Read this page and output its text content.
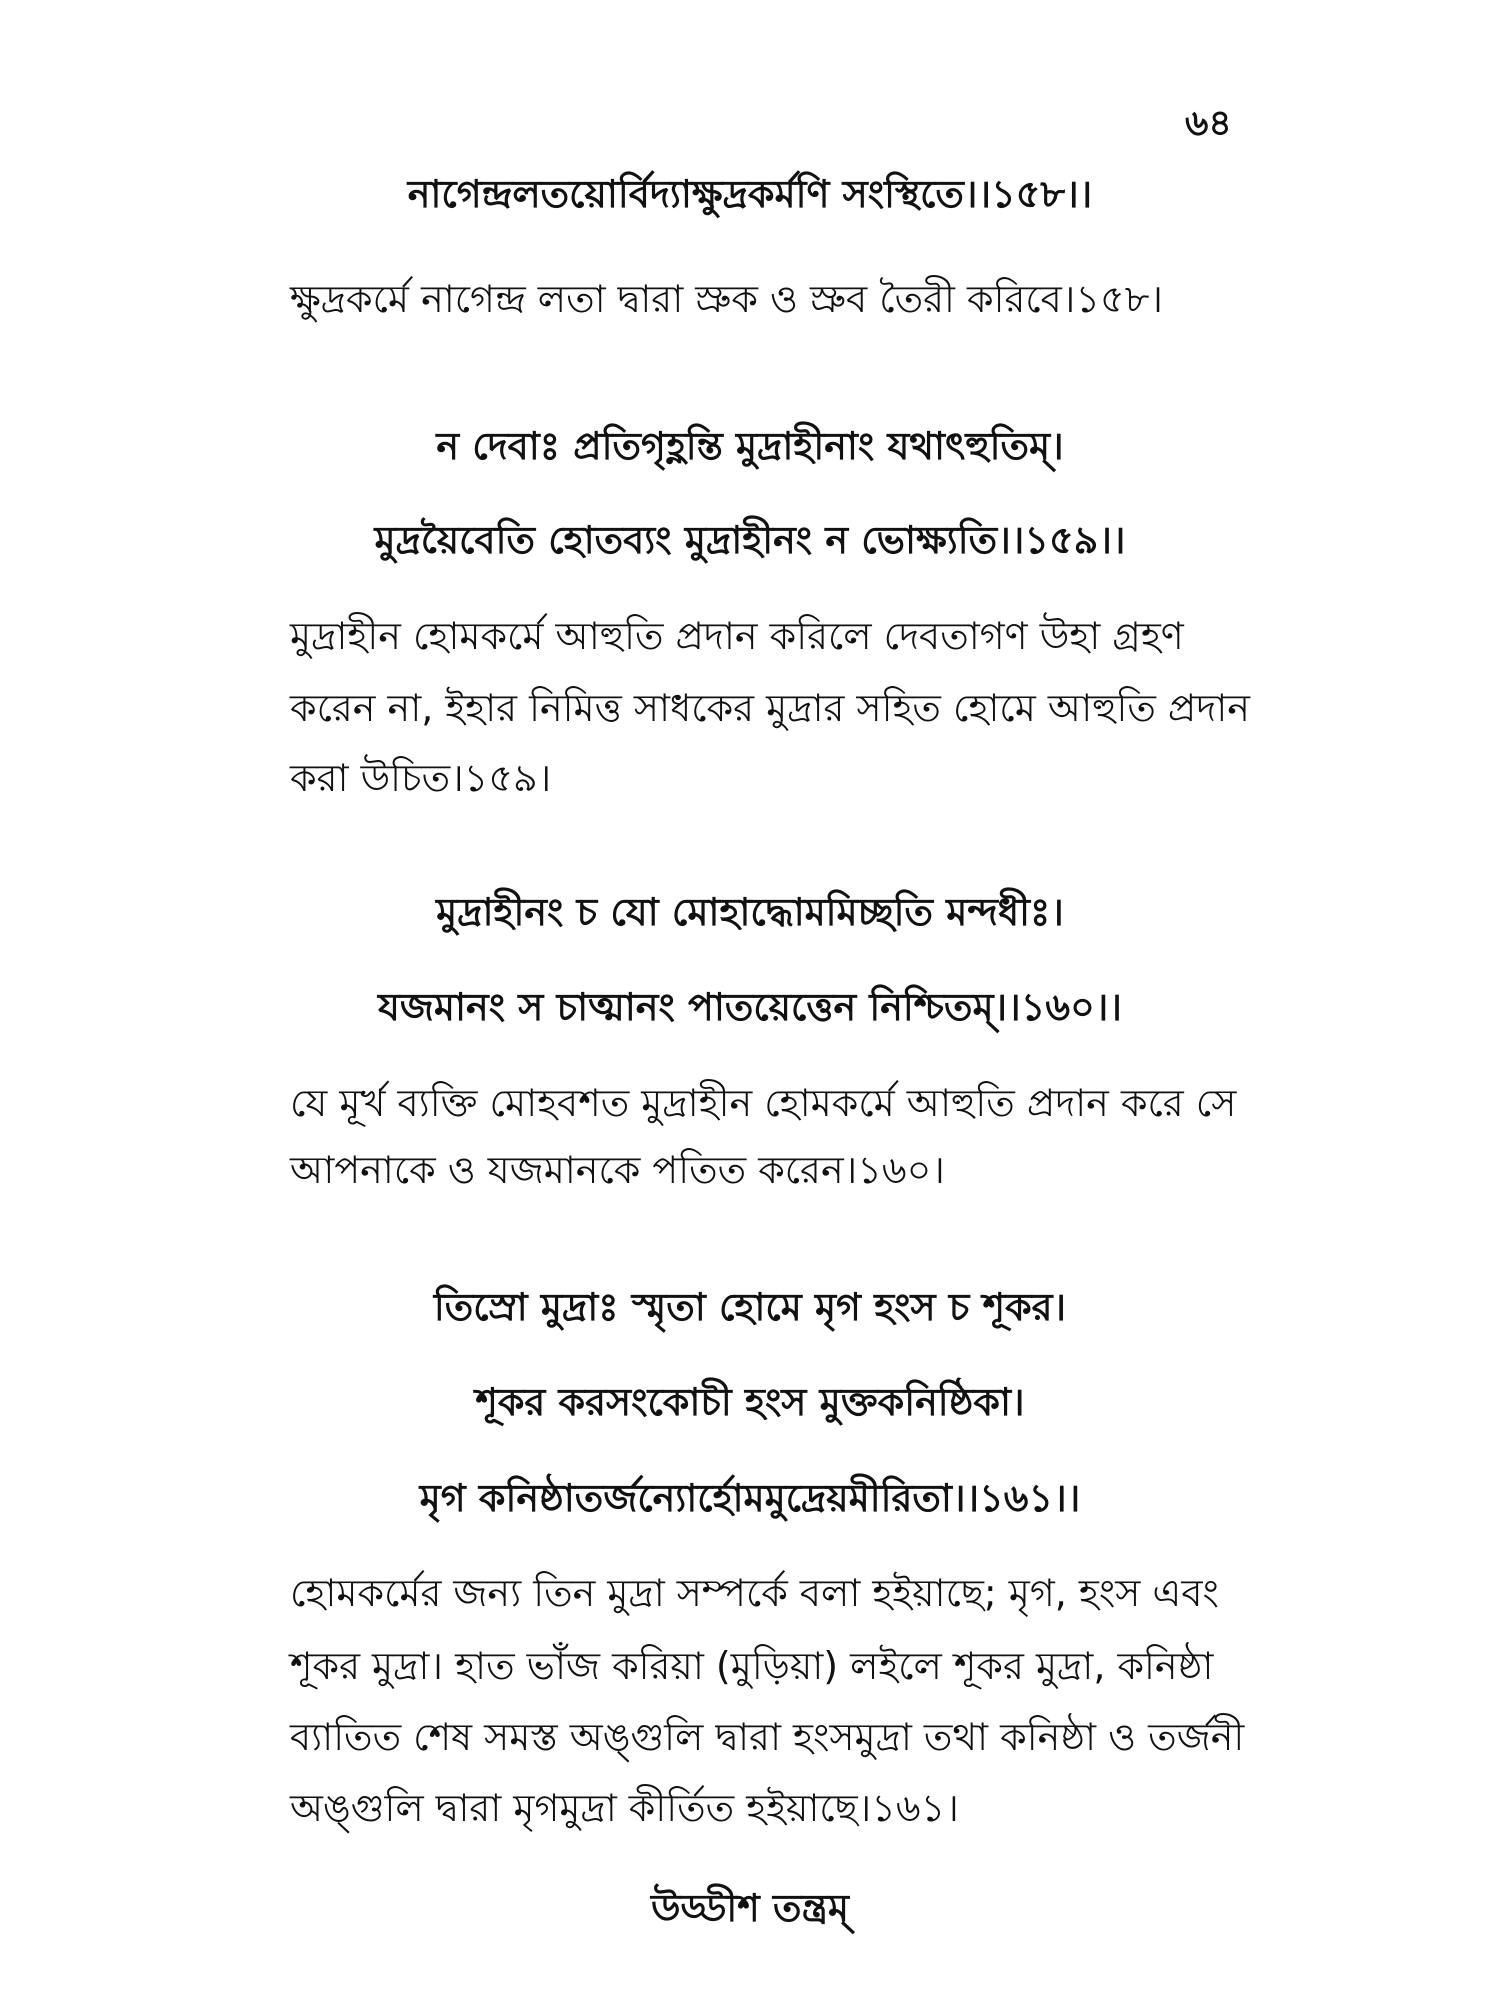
৬৪
নাগেন্দ্রলতয়োর্বিদ্যাক্ষুদ্রকর্মণি সংস্থিতে।।১৫৮।।
ক্ষুদ্রকর্মে নাগেন্দ্র লতা দ্বারা স্রুক ও স্রুব তৈরী করিবে।১৫৮।
ন দেবাঃ প্রতিগৃহ্ণন্তি মুদ্রাহীনাং যথাৎহুতিম্।
মুদ্রয়ৈবেতি হোতব্যং মুদ্রাহীনং ন ভোক্ষ্যতি।।১৫৯।।
মুদ্রাহীন হোমকর্মে আহুতি প্রদান করিলে দেবতাগণ উহা গ্রহণ
করেন না, ইহার নিমিত্ত সাধকের মুদ্রার সহিত হোমে আহুতি প্রদান
করা উচিত।১৫৯।
মুদ্রাহীনং চ যো মোহাদ্ধোমমিচ্ছতি মন্দধীঃ।
যজমানং স চাত্মানং পাতয়েত্তেন নিশ্চিতম্।।১৬০।।
যে মূর্খ ব্যক্তি মোহবশত মুদ্রাহীন হোমকর্মে আহুতি প্রদান করে সে
আপনাকে ও যজমানকে পতিত করেন।১৬০।
তিস্রো মুদ্রাঃ স্মৃতা হোমে মৃগ হংস চ শূকর।
শূকর করসংকোচী হংস মুক্তকনিষ্ঠিকা।
মৃগ কনিষ্ঠাতর্জন্যোর্হোমমুদ্রেয়মীরিতা।।১৬১।।
হোমকর্মের জন্য তিন মুদ্রা সম্পর্কে বলা হইয়াছে; মৃগ, হংস এবং
শূকর মুদ্রা। হাত ভাঁজ করিয়া (মুড়িয়া) লইলে শূকর মুদ্রা, কনিষ্ঠা
ব্যাতিত শেষ সমস্ত অঙ্গুলি দ্বারা হংসমুদ্রা তথা কনিষ্ঠা ও তর্জনী
অঙ্গুলি দ্বারা মৃগমুদ্রা কীর্তিত হইয়াছে।১৬১।
উড্ডীশ তন্ত্রম্
